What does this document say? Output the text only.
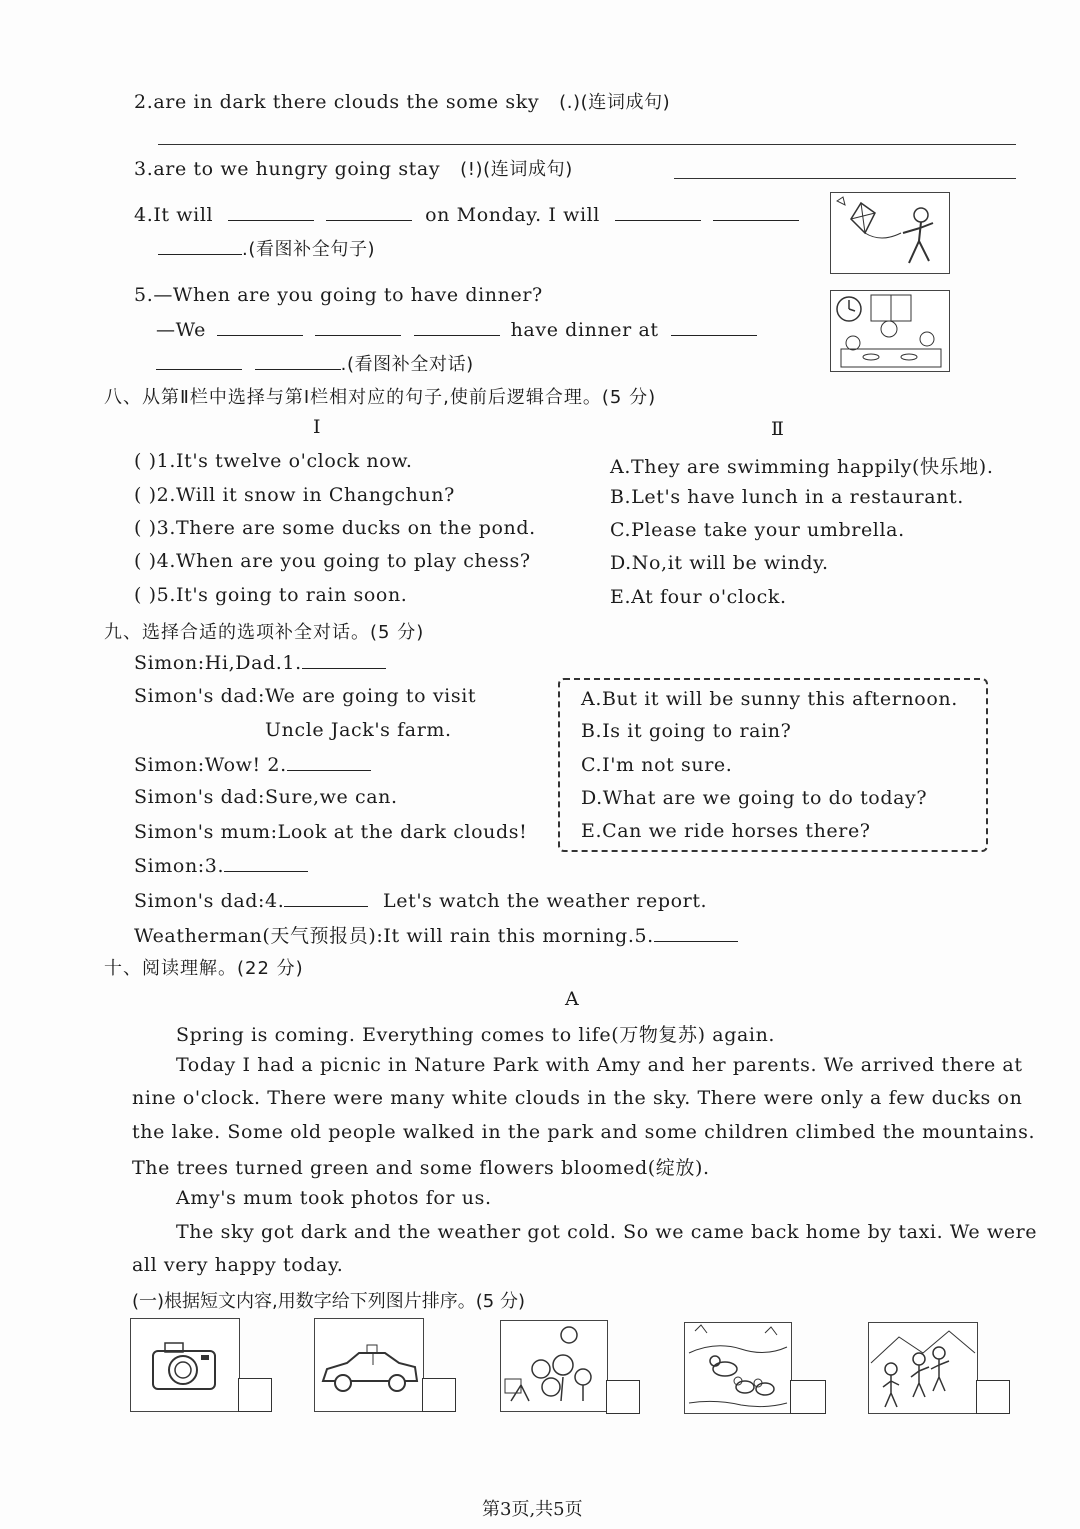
2.are in dark there clouds the some sky (.)(连词成句)
3.are to we hungry going stay (!)(连词成句)
4.It will	on Monday. I will
.(看图补全句子)
5.—When are you going to have dinner?
—We	have dinner at
.(看图补全对话)
八、从第Ⅱ栏中选择与第Ⅰ栏相对应的句子,使前后逻辑合理。(5 分)
Ⅰ	Ⅱ
( )1.It's twelve o'clock now.
( )2.Will it snow in Changchun?
( )3.There are some ducks on the pond.
( )4.When are you going to play chess?
( )5.It's going to rain soon.
A.They are swimming happily(快乐地).
B.Let's have lunch in a restaurant.
C.Please take your umbrella.
D.No,it will be windy.
E.At four o'clock.
九、选择合适的选项补全对话。(5 分)
Simon:Hi,Dad.1.
Simon's dad:We are going to visit
Uncle Jack's farm.
Simon:Wow! 2.
Simon's dad:Sure,we can.
Simon's mum:Look at the dark clouds!
Simon:3.
Simon's dad:4.	Let's watch the weather report.
Weatherman(天气预报员):It will rain this morning.5.
A.But it will be sunny this afternoon.
B.Is it going to rain?
C.I'm not sure.
D.What are we going to do today?
E.Can we ride horses there?
十、阅读理解。(22 分)
A
Spring is coming. Everything comes to life(万物复苏) again.
Today I had a picnic in Nature Park with Amy and her parents. We arrived there at
nine o'clock. There were many white clouds in the sky. There were only a few ducks on
the lake. Some old people walked in the park and some children climbed the mountains.
The trees turned green and some flowers bloomed(绽放).
Amy's mum took photos for us.
The sky got dark and the weather got cold. So we came back home by taxi. We were
all very happy today.
(一)根据短文内容,用数字给下列图片排序。(5 分)
第3页,共5页
